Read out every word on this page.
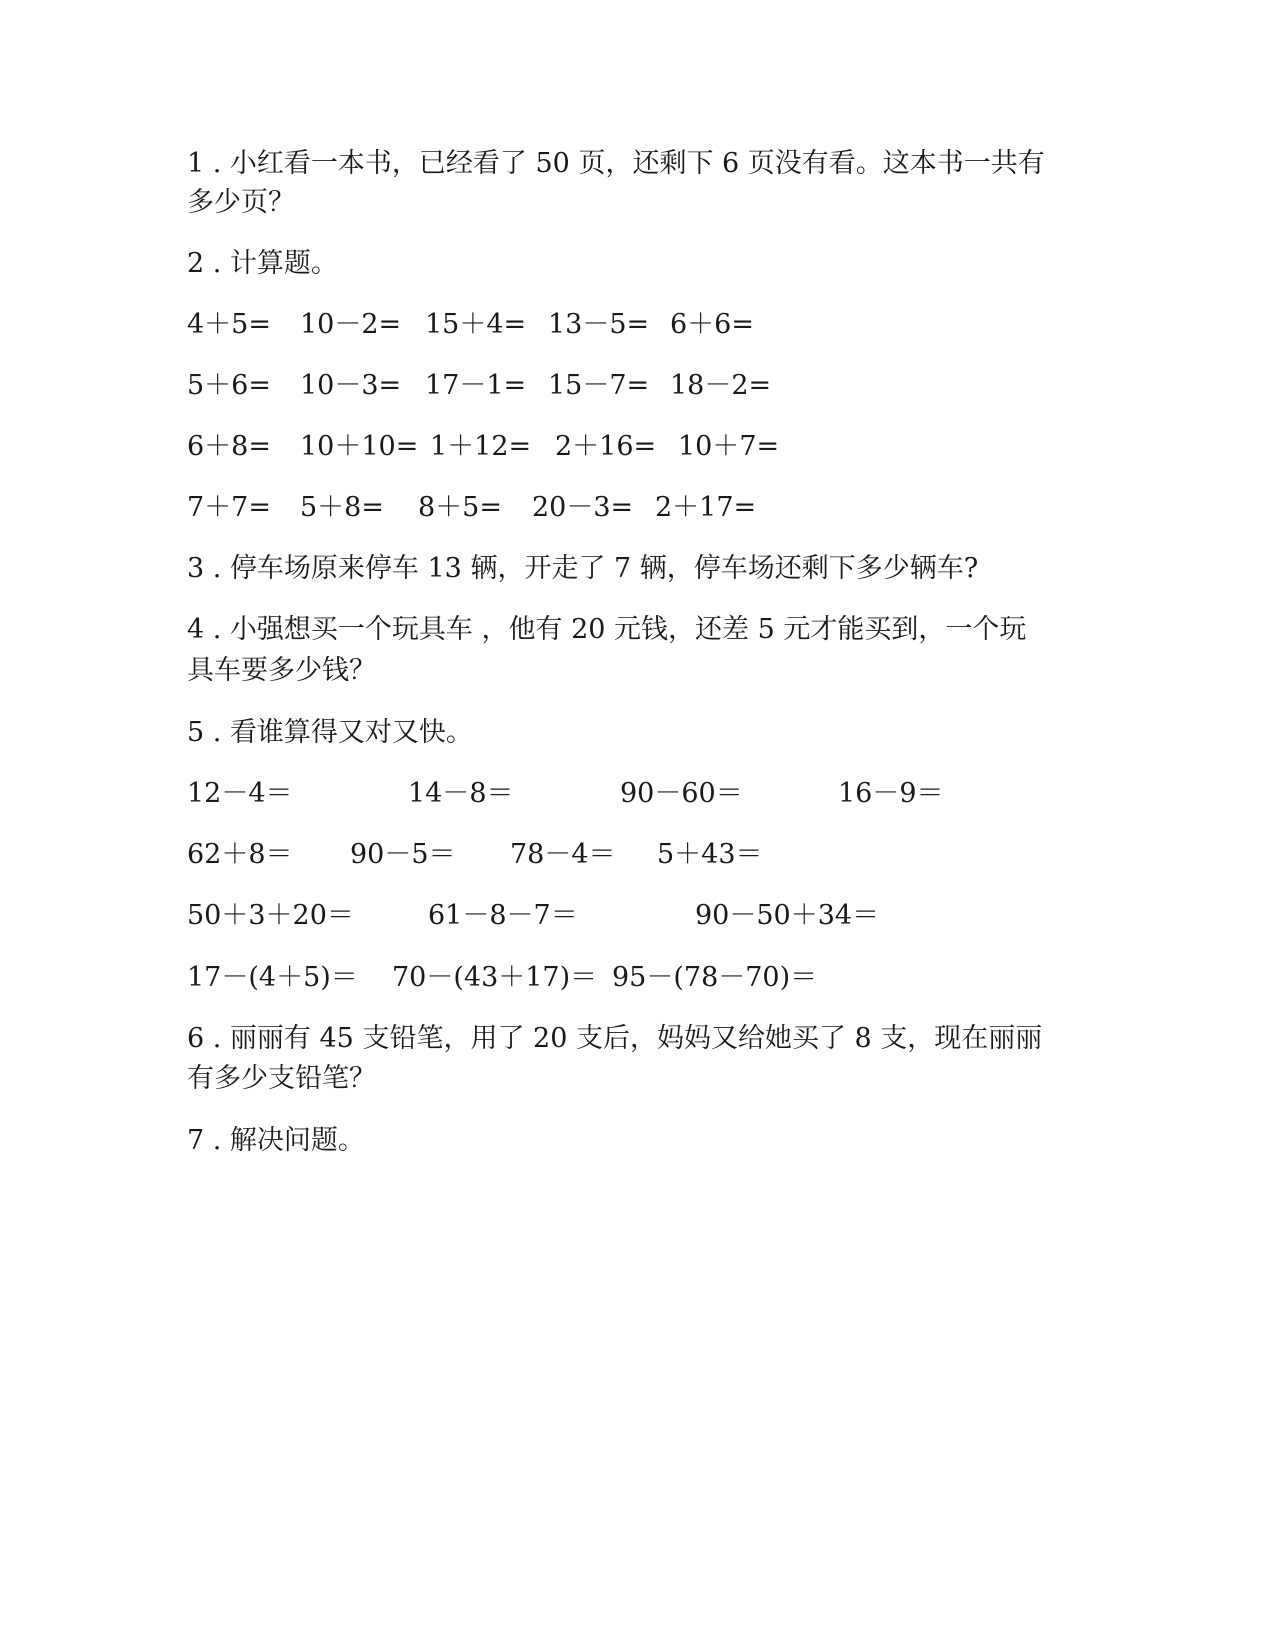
1 . 小红看一本书，已经看了 50 页，还剩下 6 页没有看。这本书一共有
多少页？
2 . 计算题。
4＋5= 10－2= 15＋4= 13－5= 6＋6=
5＋6= 10－3= 17－1= 15－7= 18－2=
6＋8= 10＋10= 1＋12= 2＋16= 10＋7=
7＋7= 5＋8= 8＋5= 20－3= 2＋17=
3 . 停车场原来停车 13 辆，开走了 7 辆，停车场还剩下多少辆车?
4 . 小强想买一个玩具车 ，他有 20 元钱，还差 5 元才能买到，一个玩
具车要多少钱？
5 . 看谁算得又对又快。
12－4＝	14－8＝	90－60＝	16－9＝
62＋8＝ 90－5＝ 78－4＝ 5＋43＝
50＋3＋20＝	61－8－7＝	90－50＋34＝
17－(4＋5)＝ 70－(43＋17)＝ 95－(78－70)＝
6 . 丽丽有 45 支铅笔，用了 20 支后，妈妈又给她买了 8 支，现在丽丽
有多少支铅笔？
7 . 解决问题。
